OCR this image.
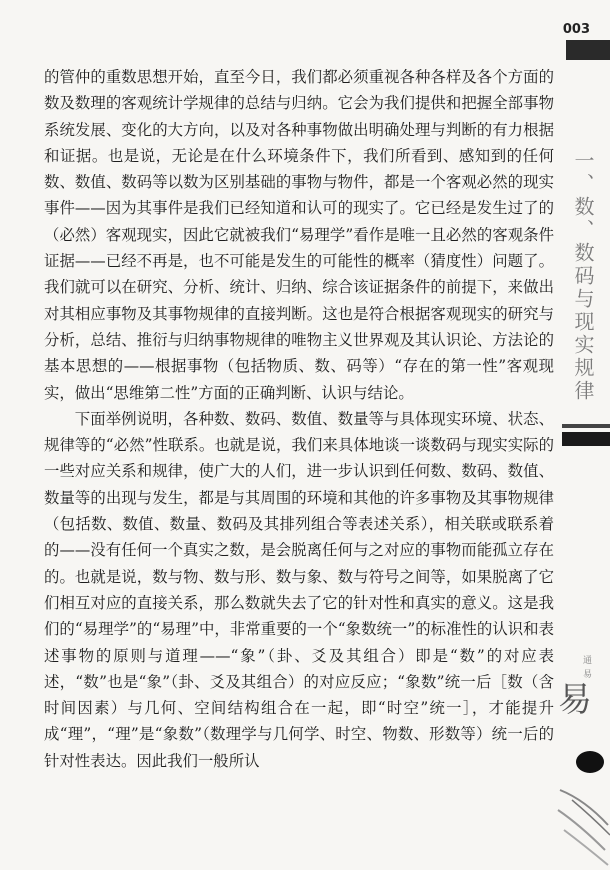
003

的管仲的重数思想开始，直至今日，我们都必须重视各种各样及各个方面的数及数理的客观统计学规律的总结与归纳。它会为我们提供和把握全部事物系统发展、变化的大方向，以及对各种事物做出明确处理与判断的有力根据和证据。也是说，无论是在什么环境条件下，我们所看到、感知到的任何数、数值、数码等以数为区别基础的事物与物件，都是一个客观必然的现实事件——因为其事件是我们已经知道和认可的现实了。它已经是发生过了的（必然）客观现实，因此它就被我们“易理学”看作是唯一且必然的客观条件证据——已经不再是，也不可能是发生的可能性的概率（猜度性）问题了。我们就可以在研究、分析、统计、归纳、综合该证据条件的前提下，来做出对其相应事物及其事物规律的直接判断。这也是符合根据客观现实的研究与分析，总结、推衍与归纳事物规律的唯物主义世界观及其认识论、方法论的基本思想的——根据事物（包括物质、数、码等）“存在的第一性”客观现实，做出“思维第二性”方面的正确判断、认识与结论。

下面举例说明，各种数、数码、数值、数量等与具体现实环境、状态、规律等的“必然”性联系。也就是说，我们来具体地谈一谈数码与现实实际的一些对应关系和规律，使广大的人们，进一步认识到任何数、数码、数值、数量等的出现与发生，都是与其周围的环境和其他的许多事物及其事物规律（包括数、数值、数量、数码及其排列组合等表述关系），相关联或联系着的——没有任何一个真实之数，是会脱离任何与之对应的事物而能孤立存在的。也就是说，数与物、数与形、数与象、数与符号之间等，如果脱离了它们相互对应的直接关系，那么数就失去了它的针对性和真实的意义。这是我们的“易理学”的“易理”中，非常重要的一个“象数统一”的标准性的认识和表述事物的原则与道理——“象”（卦、爻及其组合）即是“数”的对应表述，“数”也是“象”（卦、爻及其组合）的对应反应；“象数”统一后［数（含时间因素）与几何、空间结构组合在一起，即“时空”统一］，才能提升成“理”，“理”是“象数”（数理学与几何学、时空、物数、形数等）统一后的针对性表达。因此我们一般所认

一、数、数码与现实规律
通 易
易
